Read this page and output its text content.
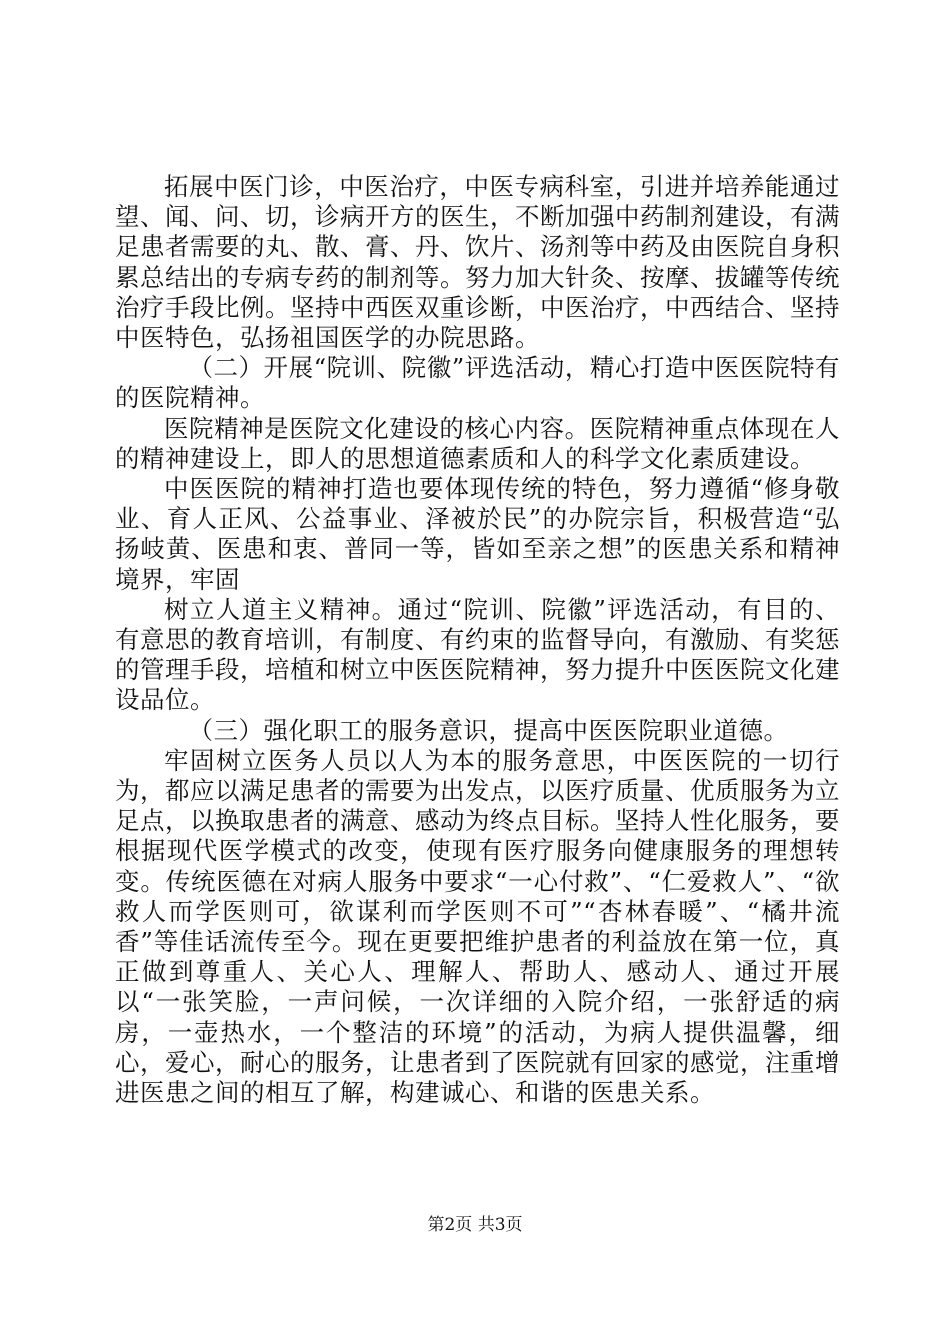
拓展中医门诊，中医治疗，中医专病科室，引进并培养能通过望、闻、问、切，诊病开方的医生，不断加强中药制剂建设，有满足患者需要的丸、散、膏、丹、饮片、汤剂等中药及由医院自身积累总结出的专病专药的制剂等。努力加大针灸、按摩、拔罐等传统治疗手段比例。坚持中西医双重诊断，中医治疗，中西结合、坚持中医特色，弘扬祖国医学的办院思路。

（二）开展“院训、院徽”评选活动，精心打造中医医院特有的医院精神。

医院精神是医院文化建设的核心内容。医院精神重点体现在人的精神建设上，即人的思想道德素质和人的科学文化素质建设。

中医医院的精神打造也要体现传统的特色，努力遵循“修身敬业、育人正风、公益事业、泽被於民”的办院宗旨，积极营造“弘扬岐黄、医患和衷、普同一等，皆如至亲之想”的医患关系和精神境界，牢固

树立人道主义精神。通过“院训、院徽”评选活动，有目的、有意思的教育培训，有制度、有约束的监督导向，有激励、有奖惩的管理手段，培植和树立中医医院精神，努力提升中医医院文化建设品位。

（三）强化职工的服务意识，提高中医医院职业道德。

牢固树立医务人员以人为本的服务意思，中医医院的一切行为，都应以满足患者的需要为出发点，以医疗质量、优质服务为立足点，以换取患者的满意、感动为终点目标。坚持人性化服务，要根据现代医学模式的改变，使现有医疗服务向健康服务的理想转变。传统医德在对病人服务中要求“一心付救”、“仁爱救人”、“欲救人而学医则可，欲谋利而学医则不可”“杏林春暖”、“橘井流香”等佳话流传至今。现在更要把维护患者的利益放在第一位，真正做到尊重人、关心人、理解人、帮助人、感动人、通过开展以“一张笑脸，一声问候，一次详细的入院介绍，一张舒适的病房，一壶热水，一个整洁的环境”的活动，为病人提供温馨，细心，爱心，耐心的服务，让患者到了医院就有回家的感觉，注重增进医患之间的相互了解，构建诚心、和谐的医患关系。

第2页 共3页
